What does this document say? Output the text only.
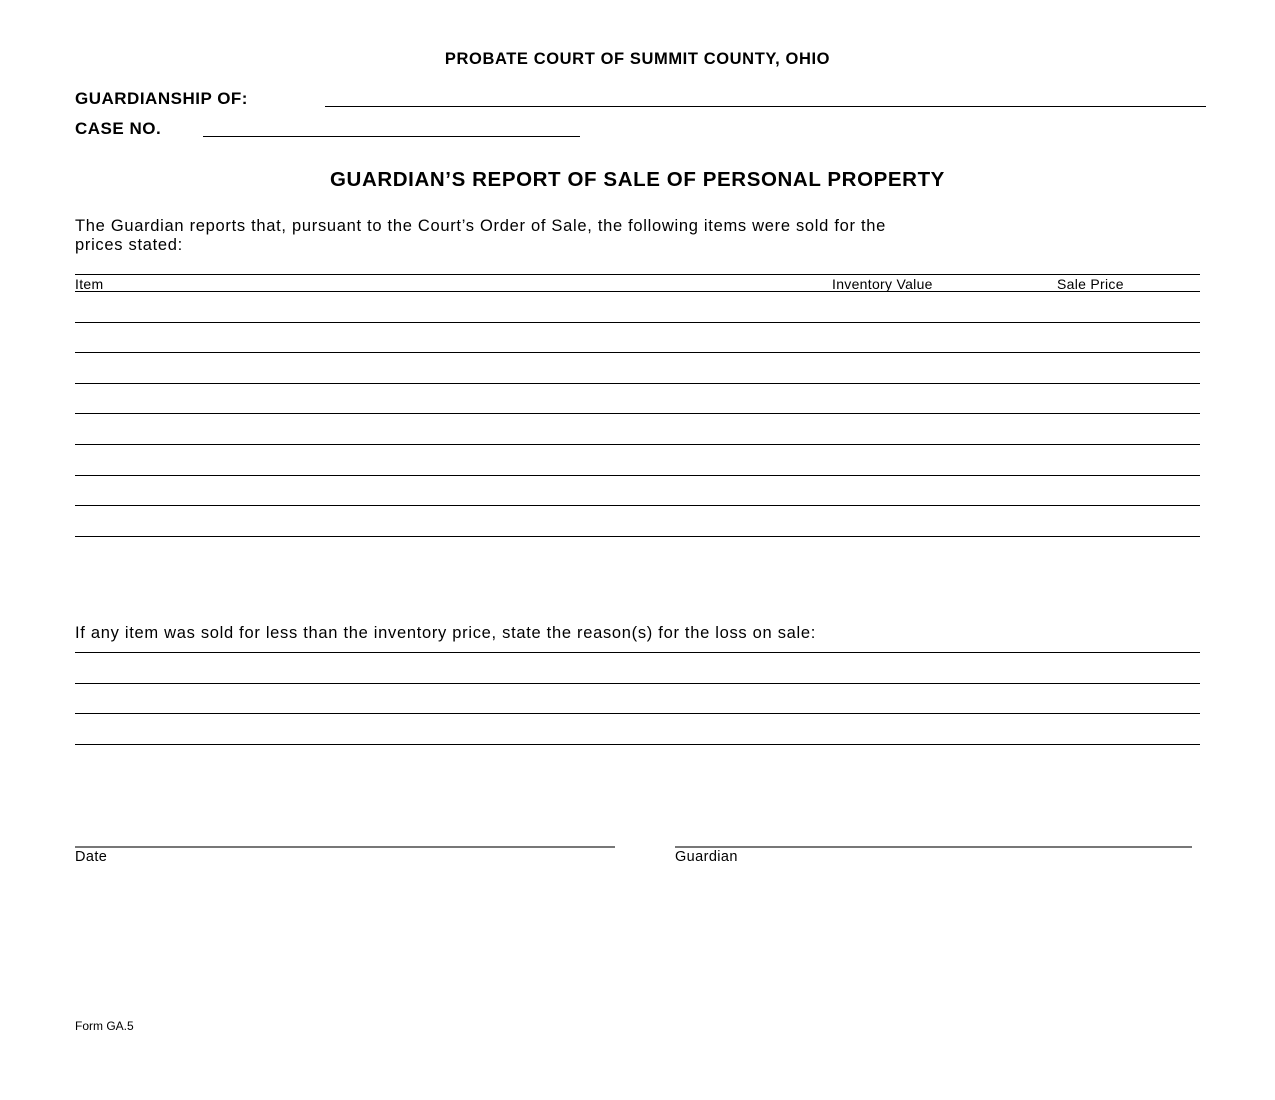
PROBATE COURT OF SUMMIT COUNTY, OHIO
GUARDIANSHIP OF:
CASE NO.
GUARDIAN’S REPORT OF SALE OF PERSONAL PROPERTY
The Guardian reports that, pursuant to the Court’s Order of Sale, the following items were sold for the
prices stated:
Item	Inventory Value	Sale Price
If any item was sold for less than the inventory price, state the reason(s) for the loss on sale:
Date	Guardian
Form GA.5
